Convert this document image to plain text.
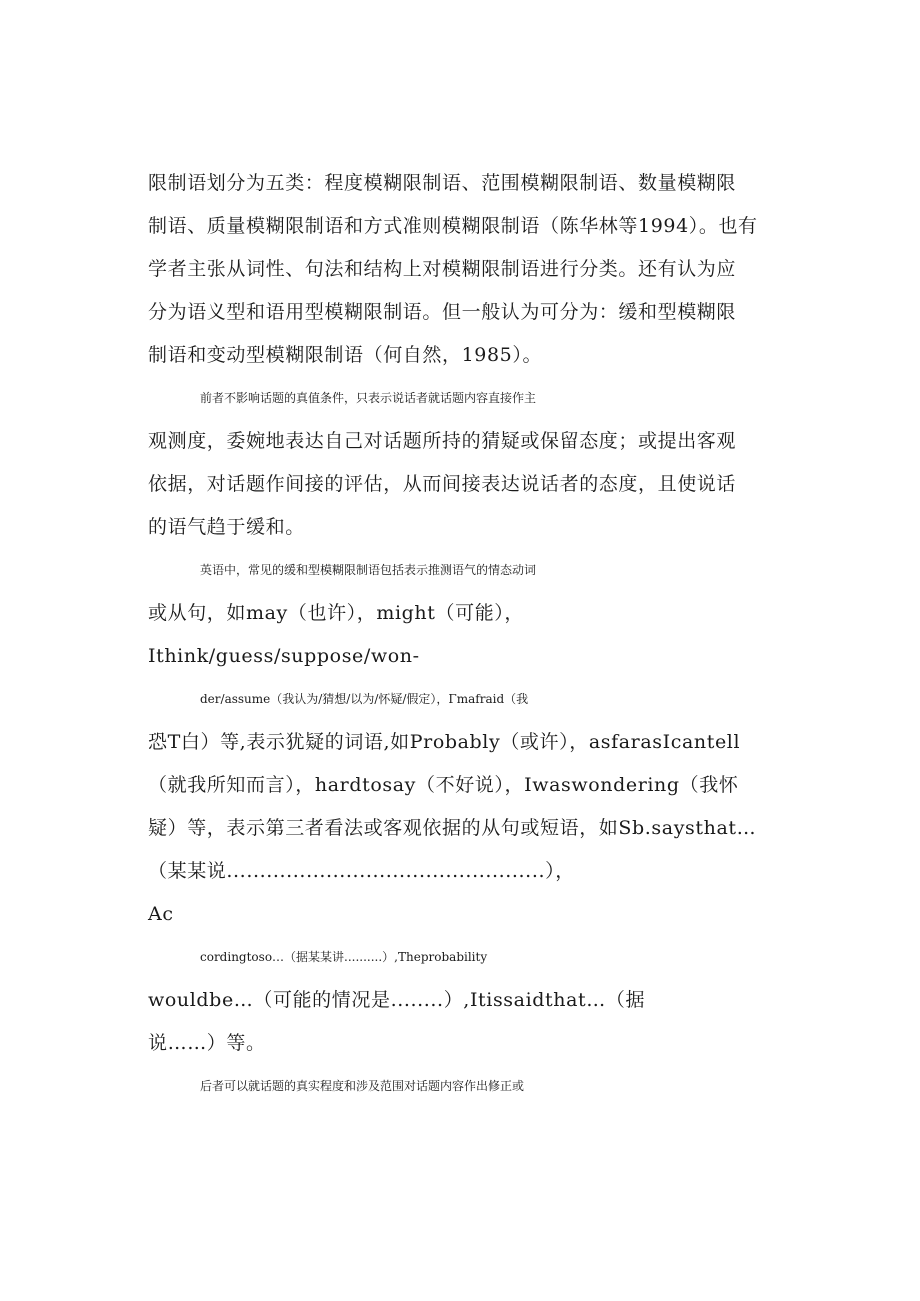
限制语划分为五类：程度模糊限制语、范围模糊限制语、数量模糊限
制语、质量模糊限制语和方式准则模糊限制语（陈华林等1994）。也有
学者主张从词性、句法和结构上对模糊限制语进行分类。还有认为应
分为语义型和语用型模糊限制语。但一般认为可分为：缓和型模糊限
制语和变动型模糊限制语（何自然，1985）。
前者不影响话题的真值条件，只表示说话者就话题内容直接作主
观测度，委婉地表达自己对话题所持的猜疑或保留态度；或提出客观
依据，对话题作间接的评估，从而间接表达说话者的态度，且使说话
的语气趋于缓和。
英语中，常见的缓和型模糊限制语包括表示推测语气的情态动词
或从句，如may（也许），might（可能），
Ithink/guess/suppose/won-
der/assume（我认为/猜想/以为/怀疑/假定），Γmafraid（我
恐T白）等,表示犹疑的词语,如Probably（或许），asfarasIcantell
（就我所知而言），hardtosay（不好说），Iwaswondering（我怀
疑）等，表示第三者看法或客观依据的从句或短语，如Sb.saysthat…
（某某说................................................），
Ac
cordingtoso…（据某某讲..........）,Theprobability
wouldbe…（可能的情况是........）,Itissaidthat…（据
说……）等。
后者可以就话题的真实程度和涉及范围对话题内容作出修正或
